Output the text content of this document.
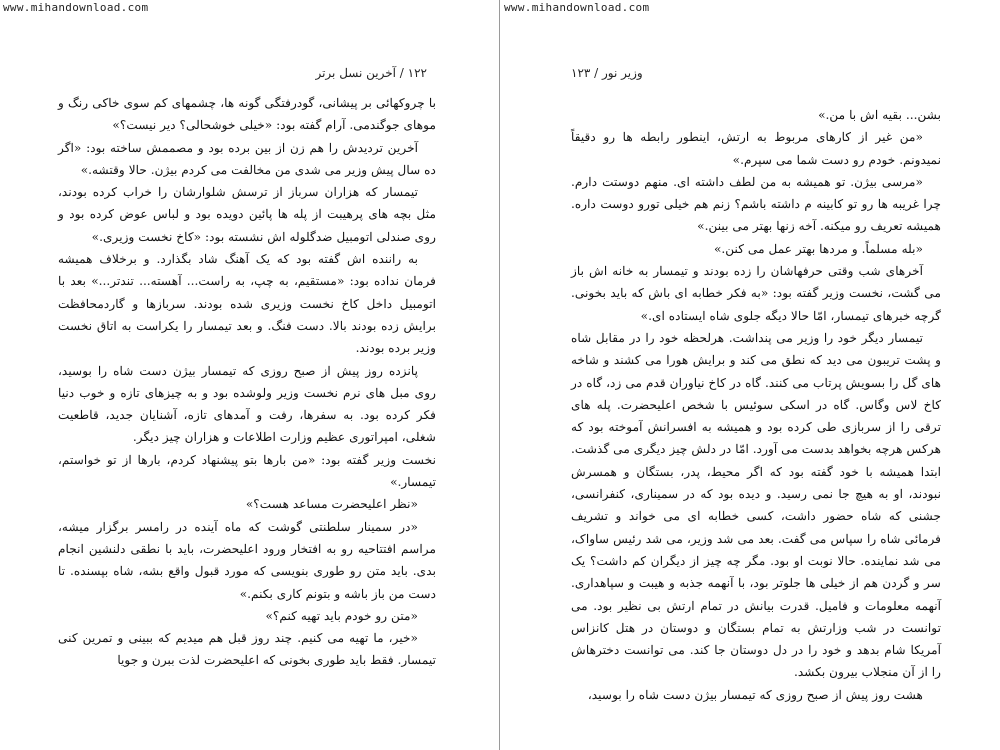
www.mihandownload.com
۱۲۲ / آخرین نسل برتر

با چروکهائی بر پیشانی، گودرفتگی گونه ها، چشمهای کم سوی خاکی رنگ و موهای جوگندمی. آرام گفته بود: «خیلی خوشحالی؟ دیر نیست؟»

آخرین تردیدش را هم زن از بین برده بود و مصممش ساخته بود: «اگر ده سال پیش وزیر می شدی من مخالفت می کردم بیژن. حالا وقتشه.»

تیمسار که هزاران سرباز از ترسش شلوارشان را خراب کرده بودند، مثل بچه های پرهیبت از پله ها پائین دویده بود و لباس عوض کرده بود و روی صندلی اتومبیل ضدگلوله اش نشسته بود: «کاخ نخست وزیری.»

به راننده اش گفته بود که یک آهنگ شاد بگذارد. و برخلاف همیشه فرمان نداده بود: «مستقیم، به چپ، به راست... آهسته... تندتر...» بعد با اتومبیل داخل کاخ نخست وزیری شده بودند. سربازها و گاردمحافظت برایش زده بودند بالا. دست فنگ. و بعد تیمسار را یکراست به اتاق نخست وزیر برده بودند.

پانزده روز پیش از صبح روزی که تیمسار بیژن دست شاه را بوسید، روی مبل های نرم نخست وزیر ولوشده بود و به چیزهای تازه و خوب دنیا فکر کرده بود. به سفرها، رفت و آمدهای تازه، آشنایان جدید، قاطعیت شغلی، امپراتوری عظیم وزارت اطلاعات و هزاران چیز دیگر.

نخست وزیر گفته بود: «من بارها بتو پیشنهاد کردم، بارها از تو خواستم، تیمسار.»

«نظر اعلیحضرت مساعد هست؟»

«در سمینار سلطنتی گوشت که ماه آینده در رامسر برگزار میشه، مراسم افتتاحیه رو به افتخار ورود اعلیحضرت، باید با نطقی دلنشین انجام بدی. باید متن رو طوری بنویسی که مورد قبول واقع بشه، شاه بپسنده. تا دست من باز باشه و بتونم کاری بکنم.»

«متن رو خودم باید تهیه کنم؟»

«خیر، ما تهیه می کنیم. چند روز قبل هم میدیم که ببینی و تمرین کنی تیمسار. فقط باید طوری بخونی که اعلیحضرت لذت ببرن و جویا

www.mihandownload.com
وزیر نور / ۱۲۳

بشن... بقیه اش با من.»

«من غیر از کارهای مربوط به ارتش، اینطور رابطه ها رو دقیقاً نمیدونم. خودم رو دست شما می سپرم.»

«مرسی بیژن. تو همیشه به من لطف داشته ای. منهم دوستت دارم. چرا غریبه ها رو تو کابینه م داشته باشم؟ زنم هم خیلی تورو دوست داره. همیشه تعریف رو میکنه. آخه زنها بهتر می بینن.»

«بله مسلماً. و مردها بهتر عمل می کنن.»

آخرهای شب وقتی حرفهاشان را زده بودند و تیمسار به خانه اش باز می گشت، نخست وزیر گفته بود: «به فکر خطابه ای باش که باید بخونی. گرچه خبرهای تیمسار، امّا حالا دیگه جلوی شاه ایستاده ای.»

تیمسار دیگر خود را وزیر می پنداشت. هرلحظه خود را در مقابل شاه و پشت تریبون می دید که نطق می کند و برایش هورا می کشند و شاخه های گل را بسویش پرتاب می کنند. گاه در کاخ نیاوران قدم می زد، گاه در کاخ لاس وگاس. گاه در اسکی سوئیس با شخص اعلیحضرت. پله های ترقی را از سربازی طی کرده بود و همیشه به افسرانش آموخته بود که هرکس هرچه بخواهد بدست می آورد. امّا در دلش چیز دیگری می گذشت. ابتدا همیشه با خود گفته بود که اگر محیط، پدر، بستگان و همسرش نبودند، او به هیچ جا نمی رسید. و دیده بود که در سمیناری، کنفرانسی، جشنی که شاه حضور داشت، کسی خطابه ای می خواند و تشریف فرمائی شاه را سپاس می گفت. بعد می شد وزیر، می شد رئیس ساواک، می شد نماینده. حالا نوبت او بود. مگر چه چیز از دیگران کم داشت؟ یک سر و گردن هم از خیلی ها جلوتر بود، با آنهمه جذبه و هیبت و سپاهداری. آنهمه معلومات و فامیل. قدرت بیانش در تمام ارتش بی نظیر بود. می توانست در شب وزارتش به تمام بستگان و دوستان در هتل کانزاس آمریکا شام بدهد و خود را در دل دوستان جا کند. می توانست دخترهاش را از آن منجلاب بیرون بکشد.

هشت روز پیش از صبح روزی که تیمسار بیژن دست شاه را بوسید،
